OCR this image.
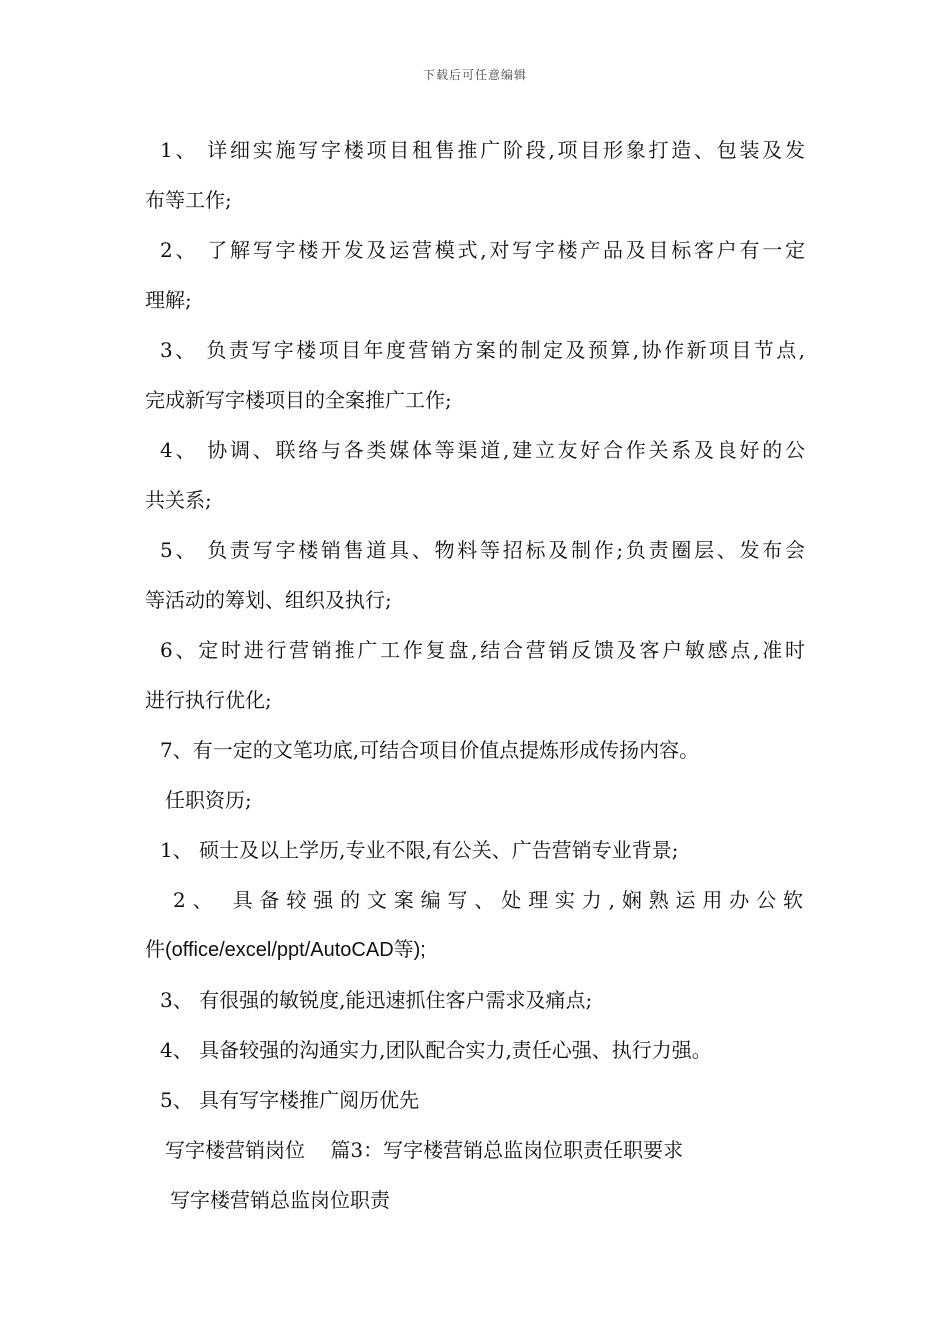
下载后可任意编辑
1、 详细实施写字楼项目租售推广阶段,项目形象打造、包装及发
布等工作;
2、 了解写字楼开发及运营模式,对写字楼产品及目标客户有一定
理解;
3、 负责写字楼项目年度营销方案的制定及预算,协作新项目节点,
完成新写字楼项目的全案推广工作;
4、 协调、联络与各类媒体等渠道,建立友好合作关系及良好的公
共关系;
5、 负责写字楼销售道具、物料等招标及制作;负责圈层、发布会
等活动的筹划、组织及执行;
6、定时进行营销推广工作复盘,结合营销反馈及客户敏感点,准时
进行执行优化;
7、有一定的文笔功底,可结合项目价值点提炼形成传扬内容。
任职资历;
1、 硕士及以上学历,专业不限,有公关、广告营销专业背景;
2、 具备较强的文案编写、处理实力,娴熟运用办公软
件(office/excel/ppt/AutoCAD等);
3、 有很强的敏锐度,能迅速抓住客户需求及痛点;
4、 具备较强的沟通实力,团队配合实力,责任心强、执行力强。
5、 具有写字楼推广阅历优先
写字楼营销岗位    篇3：写字楼营销总监岗位职责任职要求
写字楼营销总监岗位职责
